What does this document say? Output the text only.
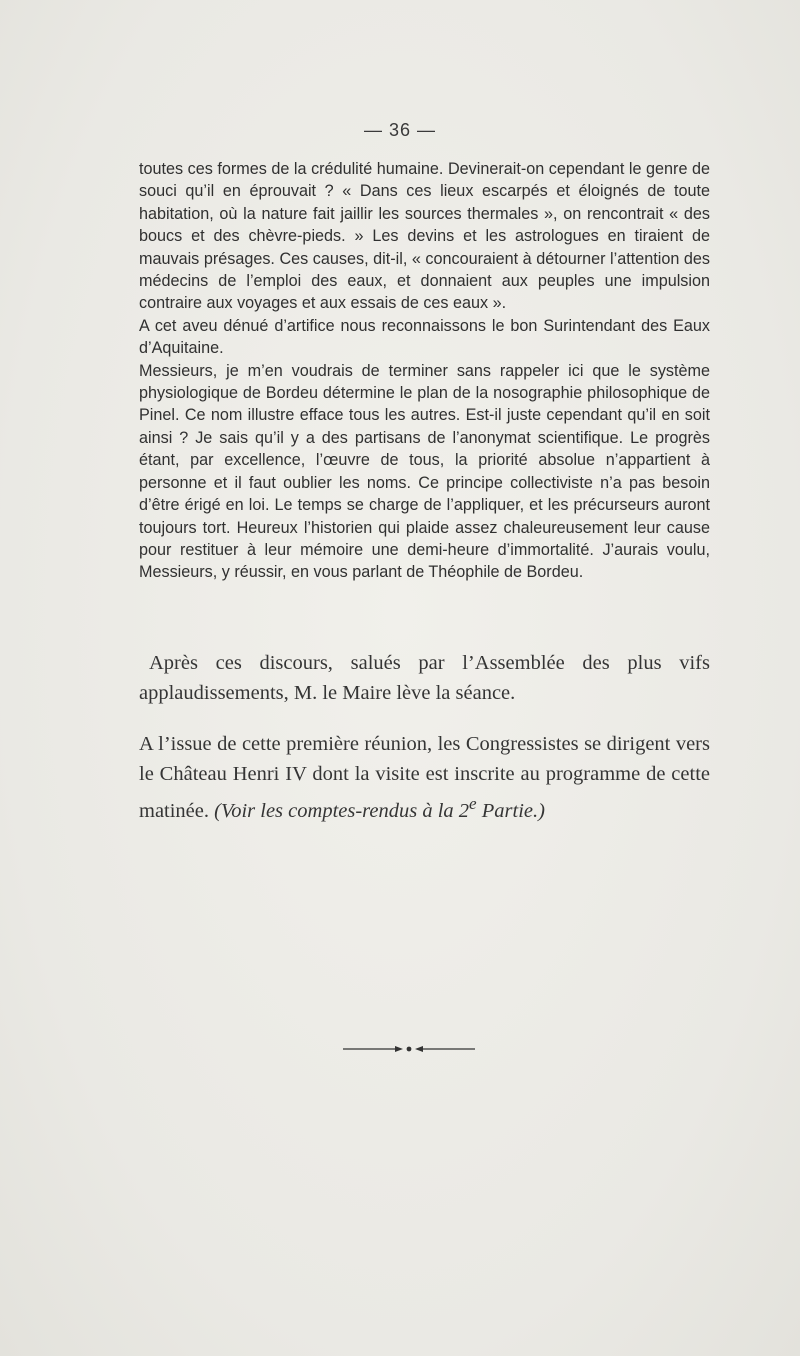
— 36 —

toutes ces formes de la crédulité humaine. Devinerait-on cependant le genre de souci qu’il en éprouvait ? « Dans ces lieux escarpés et éloignés de toute habitation, où la nature fait jaillir les sources thermales », on rencontrait « des boucs et des chèvre-pieds. » Les devins et les astrologues en tiraient de mauvais présages. Ces causes, dit-il, « concouraient à détourner l’attention des médecins de l’emploi des eaux, et donnaient aux peuples une impulsion contraire aux voyages et aux essais de ces eaux ».

A cet aveu dénué d’artifice nous reconnaissons le bon Surintendant des Eaux d’Aquitaine.

Messieurs, je m’en voudrais de terminer sans rappeler ici que le système physiologique de Bordeu détermine le plan de la nosographie philosophique de Pinel. Ce nom illustre efface tous les autres. Est-il juste cependant qu’il en soit ainsi ? Je sais qu’il y a des partisans de l’anonymat scientifique. Le progrès étant, par excellence, l’œuvre de tous, la priorité absolue n’appartient à personne et il faut oublier les noms. Ce principe collectiviste n’a pas besoin d’être érigé en loi. Le temps se charge de l’appliquer, et les précurseurs auront toujours tort. Heureux l’historien qui plaide assez chaleureusement leur cause pour restituer à leur mémoire une demi-heure d’immortalité. J’aurais voulu, Messieurs, y réussir, en vous parlant de Théophile de Bordeu.

Après ces discours, salués par l’Assemblée des plus vifs applaudissements, M. le Maire lève la séance.

A l’issue de cette première réunion, les Congressistes se dirigent vers le Château Henri IV dont la visite est inscrite au programme de cette matinée. (Voir les comptes-rendus à la 2e Partie.)
